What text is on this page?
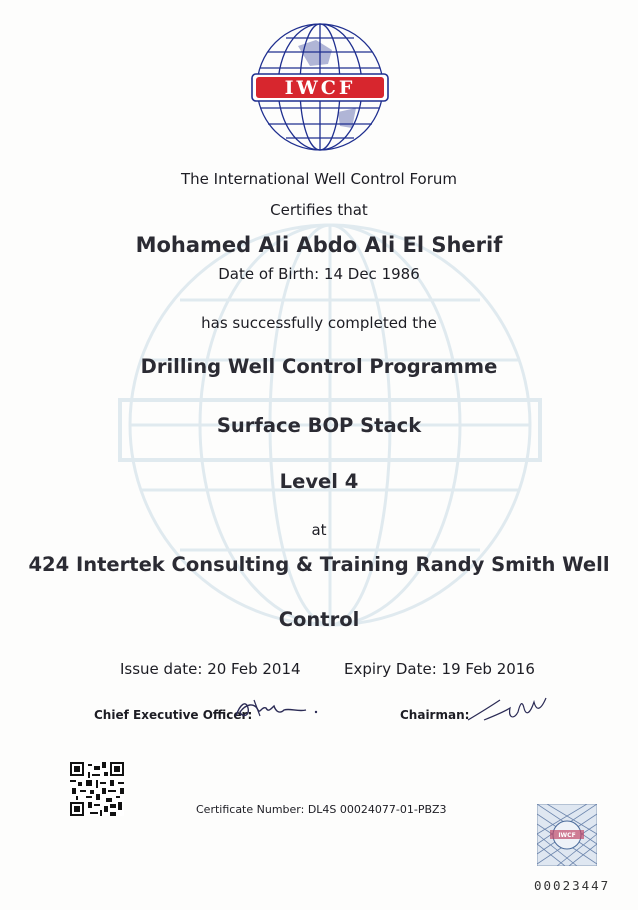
IWCF
The International Well Control Forum
Certifies that
Mohamed Ali Abdo Ali El Sherif
Date of Birth: 14 Dec 1986
has successfully completed the
Drilling Well Control Programme
Surface BOP Stack
Level 4
at
424 Intertek Consulting & Training Randy Smith Well
Control
Issue date: 20 Feb 2014	Expiry Date: 19 Feb 2016
Chief Executive Officer:	Chairman:
Certificate Number: DL4S 00024077-01-PBZ3
IWCF
00023447
